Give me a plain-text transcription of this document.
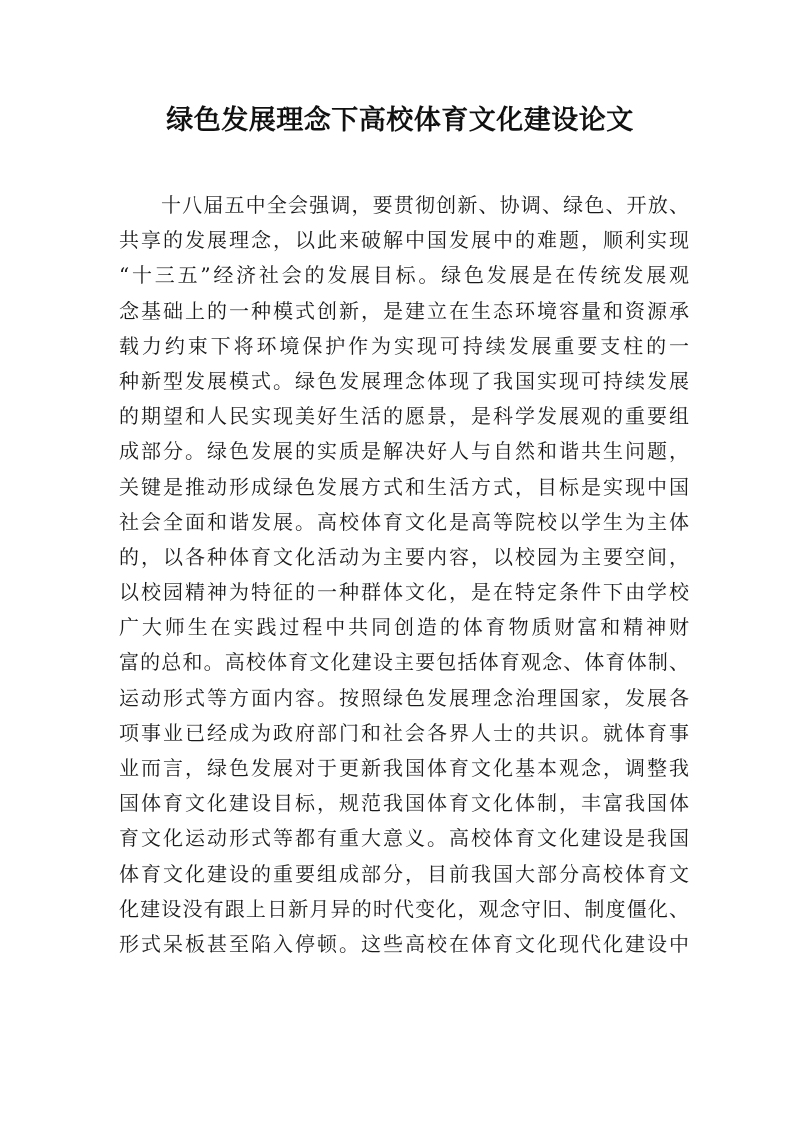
绿色发展理念下高校体育文化建设论文
十八届五中全会强调，要贯彻创新、协调、绿色、开放、
共享的发展理念，以此来破解中国发展中的难题，顺利实现
“十三五”经济社会的发展目标。绿色发展是在传统发展观
念基础上的一种模式创新，是建立在生态环境容量和资源承
载力约束下将环境保护作为实现可持续发展重要支柱的一
种新型发展模式。绿色发展理念体现了我国实现可持续发展
的期望和人民实现美好生活的愿景，是科学发展观的重要组
成部分。绿色发展的实质是解决好人与自然和谐共生问题，
关键是推动形成绿色发展方式和生活方式，目标是实现中国
社会全面和谐发展。高校体育文化是高等院校以学生为主体
的，以各种体育文化活动为主要内容，以校园为主要空间，
以校园精神为特征的一种群体文化，是在特定条件下由学校
广大师生在实践过程中共同创造的体育物质财富和精神财
富的总和。高校体育文化建设主要包括体育观念、体育体制、
运动形式等方面内容。按照绿色发展理念治理国家，发展各
项事业已经成为政府部门和社会各界人士的共识。就体育事
业而言，绿色发展对于更新我国体育文化基本观念，调整我
国体育文化建设目标，规范我国体育文化体制，丰富我国体
育文化运动形式等都有重大意义。高校体育文化建设是我国
体育文化建设的重要组成部分，目前我国大部分高校体育文
化建设没有跟上日新月异的时代变化，观念守旧、制度僵化、
形式呆板甚至陷入停顿。这些高校在体育文化现代化建设中
